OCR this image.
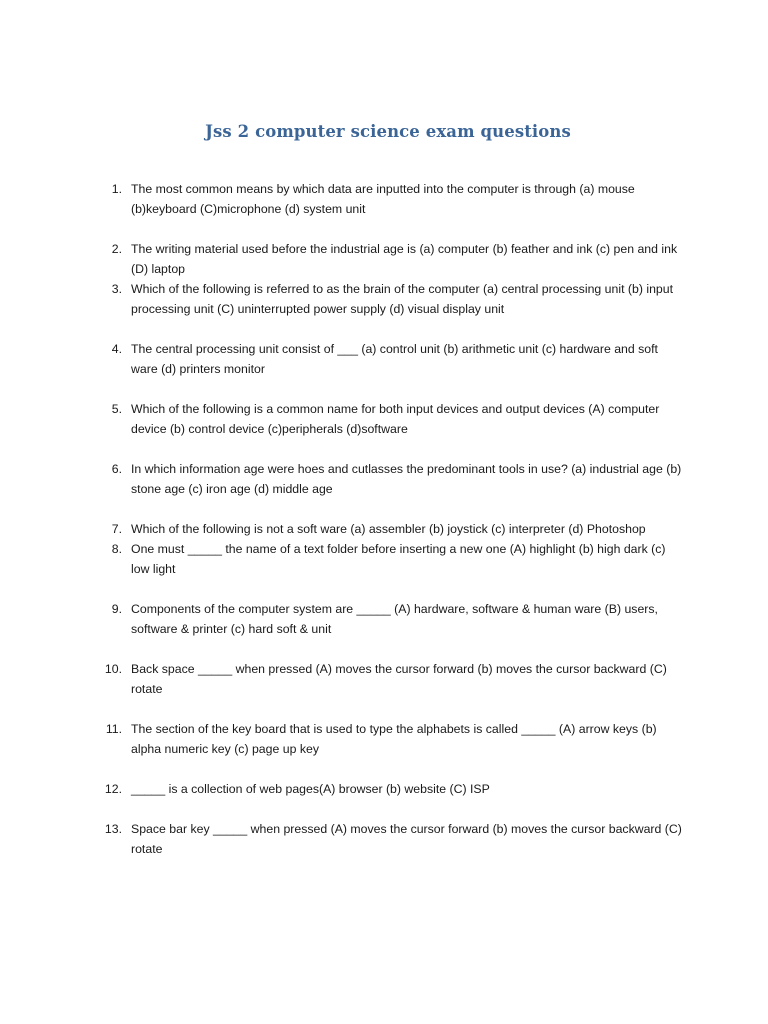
Jss 2 computer science exam questions
1. The most common means by which data are inputted into the computer is through (a) mouse (b)keyboard (C)microphone (d) system unit
2. The writing material used before the industrial age is (a) computer (b) feather and ink (c) pen and ink (D) laptop
3. Which of the following is referred to as the brain of the computer (a) central processing unit (b) input processing unit (C) uninterrupted power supply (d) visual display unit
4. The central processing unit consist of ___ (a) control unit (b) arithmetic unit (c) hardware and soft ware (d) printers monitor
5. Which of the following is a common name for both input devices and output devices (A) computer device (b) control device (c)peripherals (d)software
6. In which information age were hoes and cutlasses the predominant tools in use? (a) industrial age (b) stone age (c) iron age (d) middle age
7. Which of the following is not a soft ware (a) assembler (b) joystick (c) interpreter (d) Photoshop
8. One must _____ the name of a text folder before inserting a new one (A) highlight (b) high dark (c) low light
9. Components of the computer system are _____ (A) hardware, software & human ware (B) users, software & printer (c) hard soft & unit
10. Back space _____ when pressed (A) moves the cursor forward (b) moves the cursor backward (C) rotate
11. The section of the key board that is used to type the alphabets is called _____ (A) arrow keys (b) alpha numeric key (c) page up key
12. _____ is a collection of web pages(A) browser (b) website (C) ISP
13. Space bar key _____ when pressed (A) moves the cursor forward (b) moves the cursor backward (C) rotate
